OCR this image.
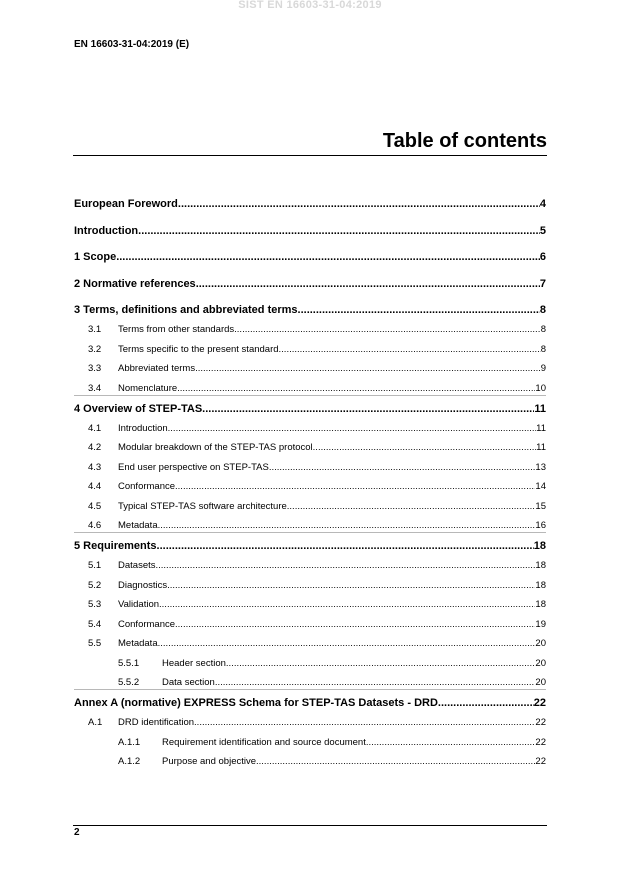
SIST EN 16603-31-04:2019
EN 16603-31-04:2019 (E)
Table of contents
European Foreword .....	4
Introduction .....	5
1 Scope .....	6
2 Normative references .....	7
3 Terms, definitions and abbreviated terms .....	8
3.1	Terms from other standards .....	8
3.2	Terms specific to the present standard .....	8
3.3	Abbreviated terms .....	9
3.4	Nomenclature .....	10
4 Overview of STEP-TAS .....	11
4.1	Introduction .....	11
4.2	Modular breakdown of the STEP-TAS protocol .....	11
4.3	End user perspective on STEP-TAS .....	13
4.4	Conformance .....	14
4.5	Typical STEP-TAS software architecture .....	15
4.6	Metadata .....	16
5 Requirements .....	18
5.1	Datasets .....	18
5.2	Diagnostics .....	18
5.3	Validation .....	18
5.4	Conformance .....	19
5.5	Metadata .....	20
5.5.1	Header section .....	20
5.5.2	Data section .....	20
Annex A (normative) EXPRESS Schema for STEP-TAS Datasets - DRD .....	22
A.1	DRD identification .....	22
A.1.1	Requirement identification and source document .....	22
A.1.2	Purpose and objective .....	22
2
